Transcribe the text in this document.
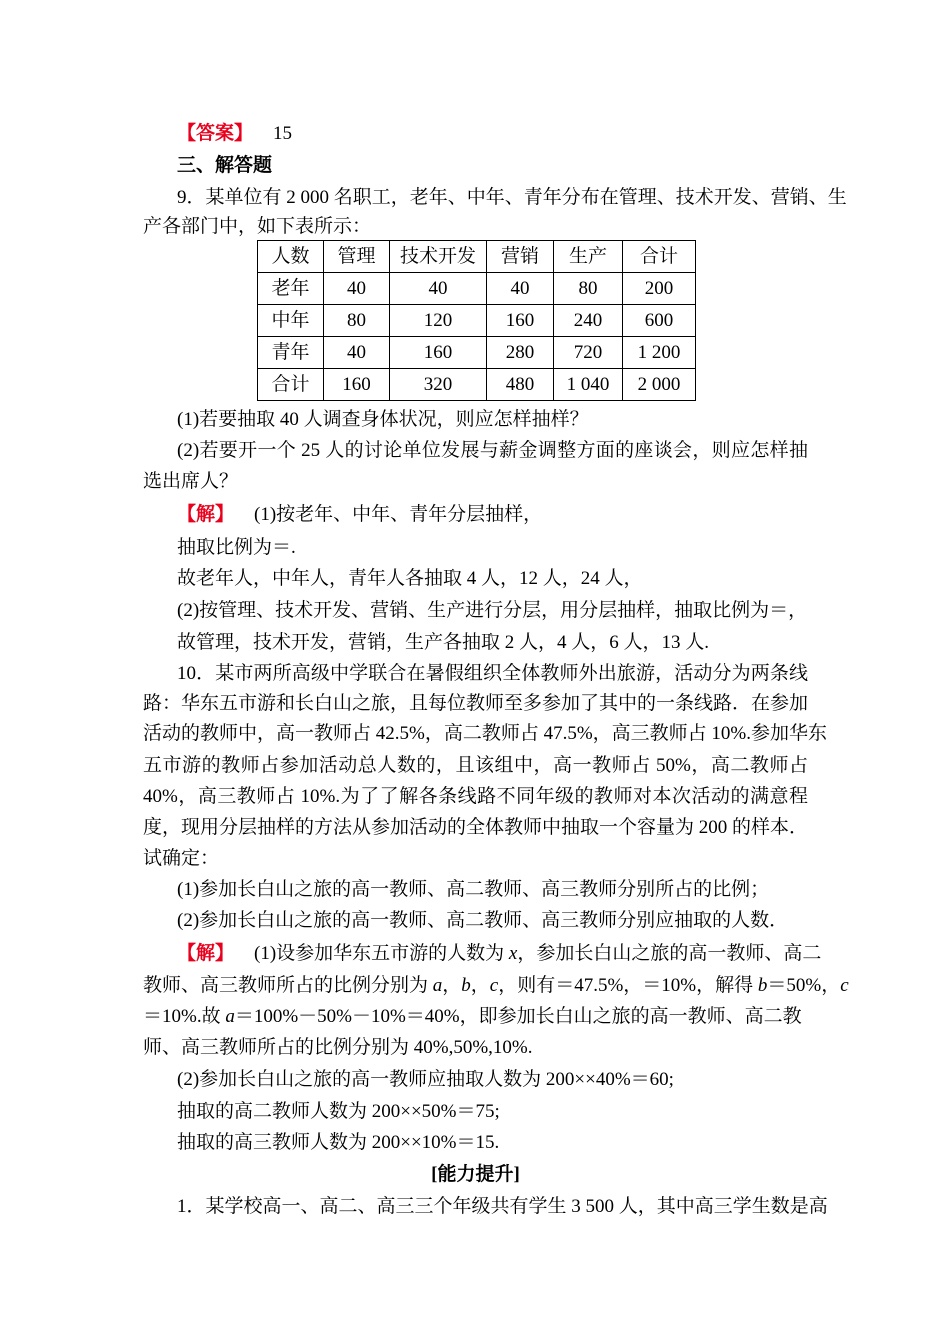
【答案】 15
三、解答题
9．某单位有 2 000 名职工，老年、中年、青年分布在管理、技术开发、营销、生
产各部门中，如下表所示：
人数	管理	技术开发	营销	生产	合计
老年	40	40	40	80	200
中年	80	120	160	240	600
青年	40	160	280	720	1 200
合计	160	320	480	1 040	2 000
(1)若要抽取 40 人调查身体状况，则应怎样抽样？
(2)若要开一个 25 人的讨论单位发展与薪金调整方面的座谈会，则应怎样抽
选出席人？
【解】 (1)按老年、中年、青年分层抽样，
抽取比例为＝.
故老年人，中年人，青年人各抽取 4 人，12 人，24 人，
(2)按管理、技术开发、营销、生产进行分层，用分层抽样，抽取比例为＝，
故管理，技术开发，营销，生产各抽取 2 人，4 人，6 人，13 人.
10．某市两所高级中学联合在暑假组织全体教师外出旅游，活动分为两条线
路：华东五市游和长白山之旅，且每位教师至多参加了其中的一条线路．在参加
活动的教师中，高一教师占 42.5%，高二教师占 47.5%，高三教师占 10%.参加华东
五市游的教师占参加活动总人数的，且该组中，高一教师占 50%，高二教师占
40%，高三教师占 10%.为了了解各条线路不同年级的教师对本次活动的满意程
度，现用分层抽样的方法从参加活动的全体教师中抽取一个容量为 200 的样本．
试确定：
(1)参加长白山之旅的高一教师、高二教师、高三教师分别所占的比例；
(2)参加长白山之旅的高一教师、高二教师、高三教师分别应抽取的人数．
【解】 (1)设参加华东五市游的人数为 x，参加长白山之旅的高一教师、高二
教师、高三教师所占的比例分别为 a，b，c，则有＝47.5%，＝10%，解得 b＝50%，c
＝10%.故 a＝100%－50%－10%＝40%，即参加长白山之旅的高一教师、高二教
师、高三教师所占的比例分别为 40%,50%,10%.
(2)参加长白山之旅的高一教师应抽取人数为 200××40%＝60;
抽取的高二教师人数为 200××50%＝75;
抽取的高三教师人数为 200××10%＝15.
[能力提升]
1．某学校高一、高二、高三三个年级共有学生 3 500 人，其中高三学生数是高
